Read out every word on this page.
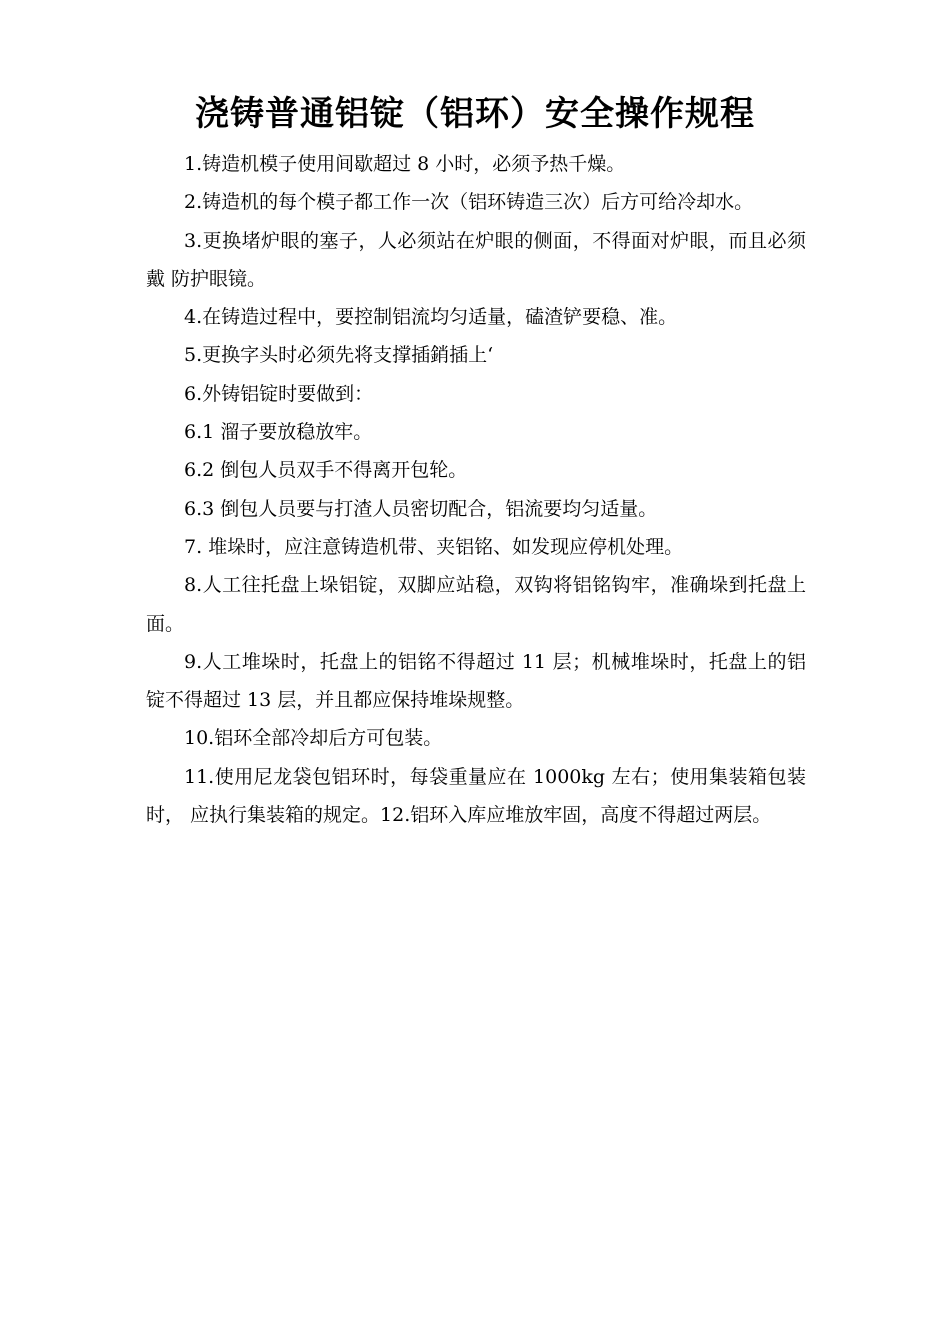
浇铸普通铝锭（铝环）安全操作规程

1.铸造机模子使用间歇超过 8 小时，必须予热千燥。

2.铸造机的每个模子都工作一次（铝环铸造三次）后方可给冷却水。

3.更换堵炉眼的塞子，人必须站在炉眼的侧面，不得面对炉眼，而且必须戴 防护眼镜。

4.在铸造过程中，要控制铝流均匀适量，磕渣铲要稳、准。

5.更换字头时必须先将支撑插銷插上‘

6.外铸铝锭时要做到：

6.1 溜子要放稳放牢。

6.2 倒包人员双手不得离开包轮。

6.3 倒包人员要与打渣人员密切配合，铝流要均匀适量。

7. 堆垛时，应注意铸造机带、夹铝铭、如发现应停机处理。

8.人工往托盘上垛铝锭，双脚应站稳，双钩将铝铭钩牢，准确垛到托盘上面。

9.人工堆垛时，托盘上的铝铭不得超过 11 层；机械堆垛时，托盘上的铝锭不得超过 13 层，并且都应保持堆垛规整。

10.铝环全部冷却后方可包装。

11.使用尼龙袋包铝环时，每袋重量应在 1000kg 左右；使用集装箱包装时， 应执行集装箱的规定。12.铝环入库应堆放牢固，高度不得超过两层。
